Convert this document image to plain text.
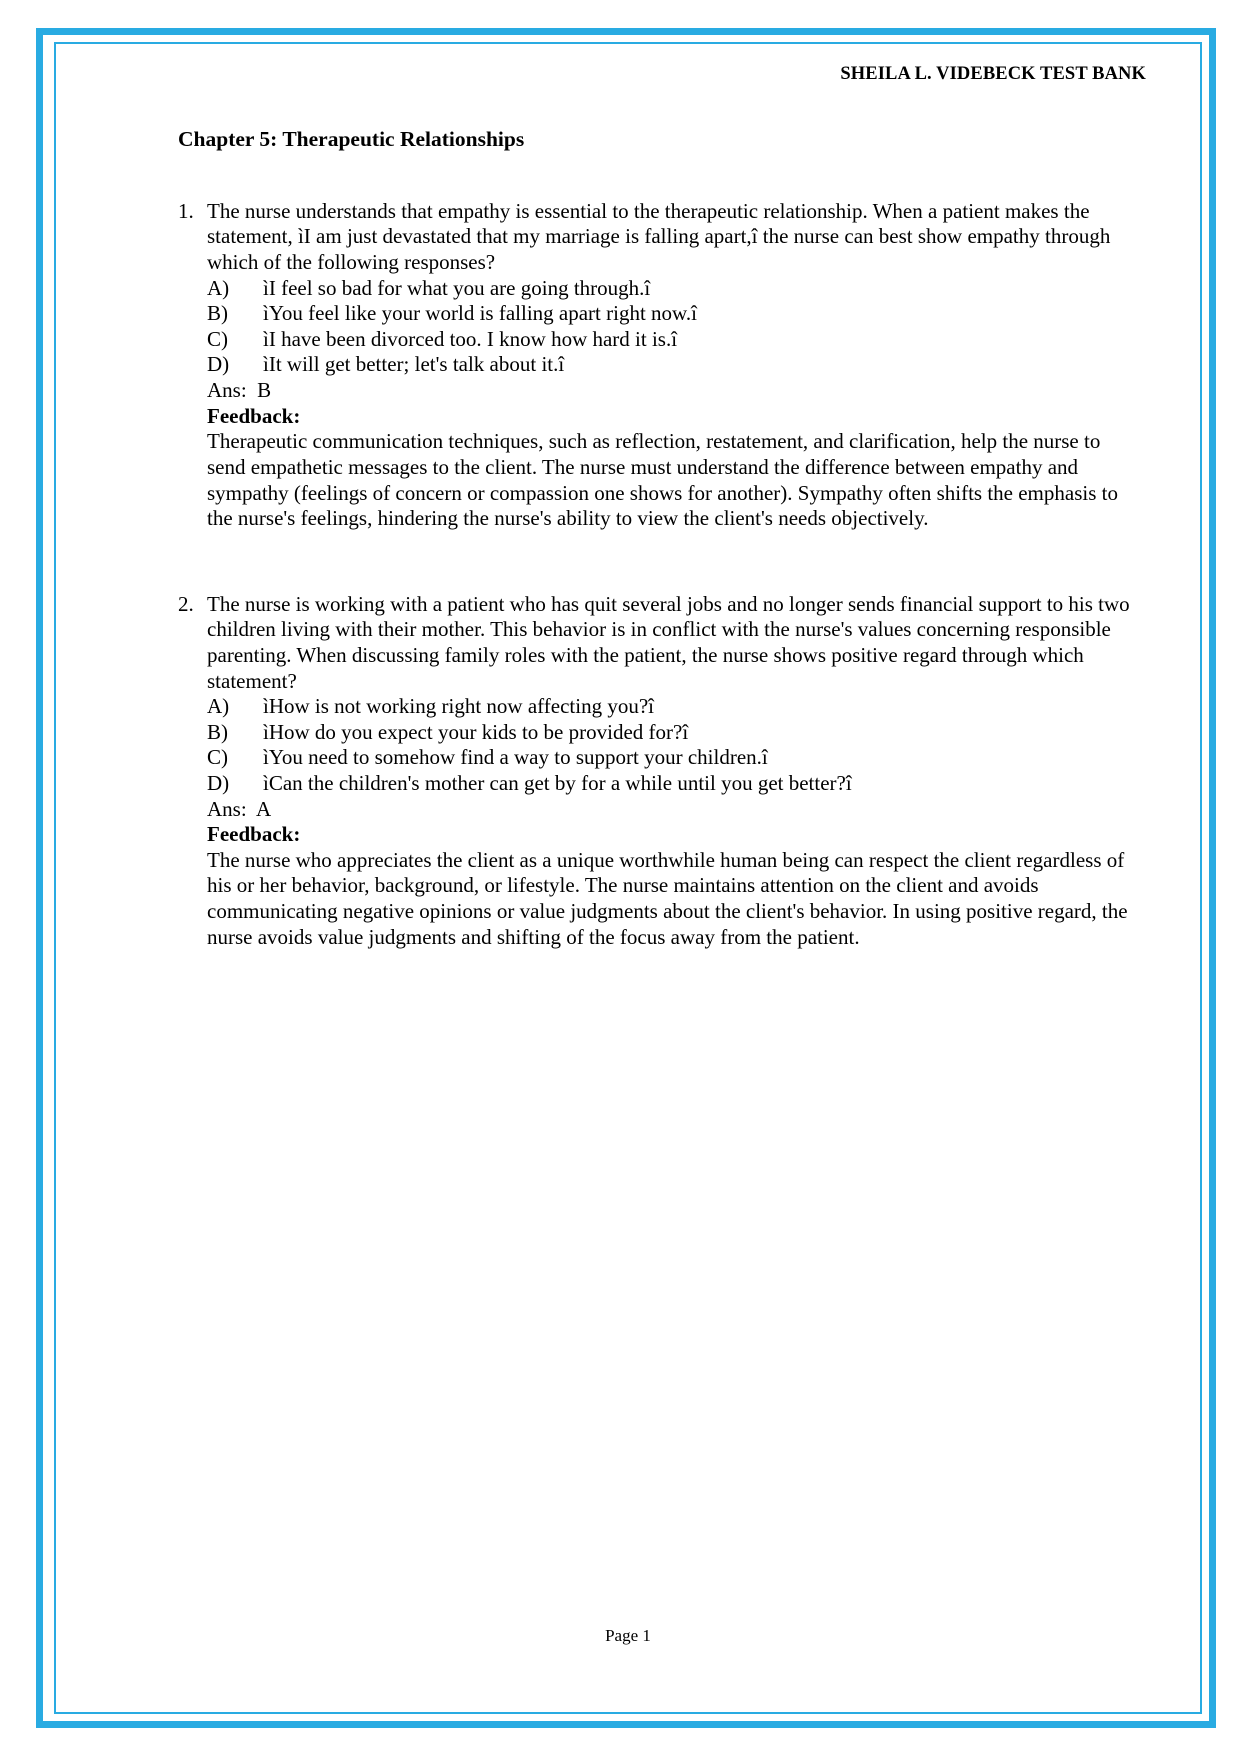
SHEILA L. VIDEBECK TEST BANK
Chapter 5: Therapeutic Relationships
1. The nurse understands that empathy is essential to the therapeutic relationship. When a patient makes the statement, ìI am just devastated that my marriage is falling apart,î the nurse can best show empathy through which of the following responses?

A)	ìI feel so bad for what you are going through.î
B)	ìYou feel like your world is falling apart right now.î
C)	ìI have been divorced too. I know how hard it is.î
D)	ìIt will get better; let's talk about it.î
Ans:  B
Feedback:

Therapeutic communication techniques, such as reflection, restatement, and clarification, help the nurse to send empathetic messages to the client. The nurse must understand the difference between empathy and sympathy (feelings of concern or compassion one shows for another). Sympathy often shifts the emphasis to the nurse's feelings, hindering the nurse's ability to view the client's needs objectively.

2. The nurse is working with a patient who has quit several jobs and no longer sends financial support to his two children living with their mother. This behavior is in conflict with the nurse's values concerning responsible parenting. When discussing family roles with the patient, the nurse shows positive regard through which statement?

A)	ìHow is not working right now affecting you?î
B)	ìHow do you expect your kids to be provided for?î
C)	ìYou need to somehow find a way to support your children.î
D)	ìCan the children's mother can get by for a while until you get better?î
Ans:  A
Feedback:

The nurse who appreciates the client as a unique worthwhile human being can respect the client regardless of his or her behavior, background, or lifestyle. The nurse maintains attention on the client and avoids communicating negative opinions or value judgments about the client's behavior. In using positive regard, the nurse avoids value judgments and shifting of the focus away from the patient.

Page 1
